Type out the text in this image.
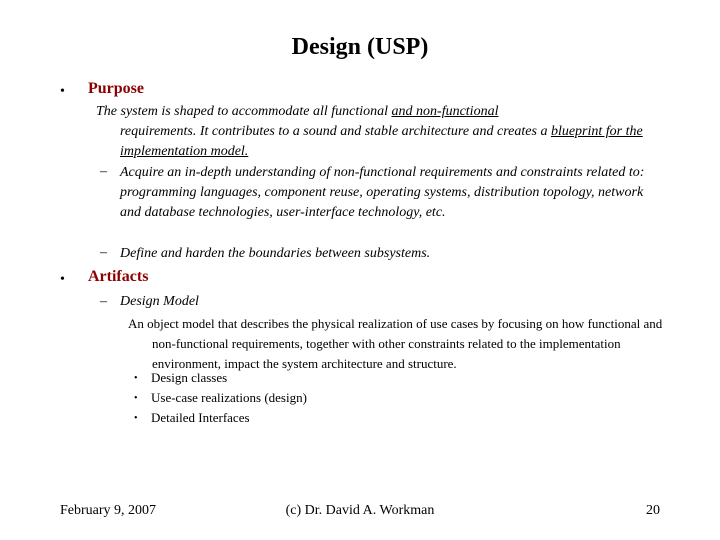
Design (USP)
• Purpose

The system is shaped to accommodate all functional and non-functional
requirements. It contributes to a sound and stable architecture and creates a blueprint for the implementation model.

– Acquire an in-depth understanding of non-functional requirements and constraints related to: programming languages, component reuse, operating systems, distribution topology, network and database technologies, user-interface technology, etc.

– Define and harden the boundaries between subsystems.

• Artifacts
– Design Model

An object model that describes the physical realization of use cases by focusing on how functional and non-functional requirements, together with other constraints related to the implementation environment, impact the system architecture and structure.

• Design classes
• Use-case realizations (design)
• Detailed Interfaces
February 9, 2007	(c) Dr. David A. Workman	20
